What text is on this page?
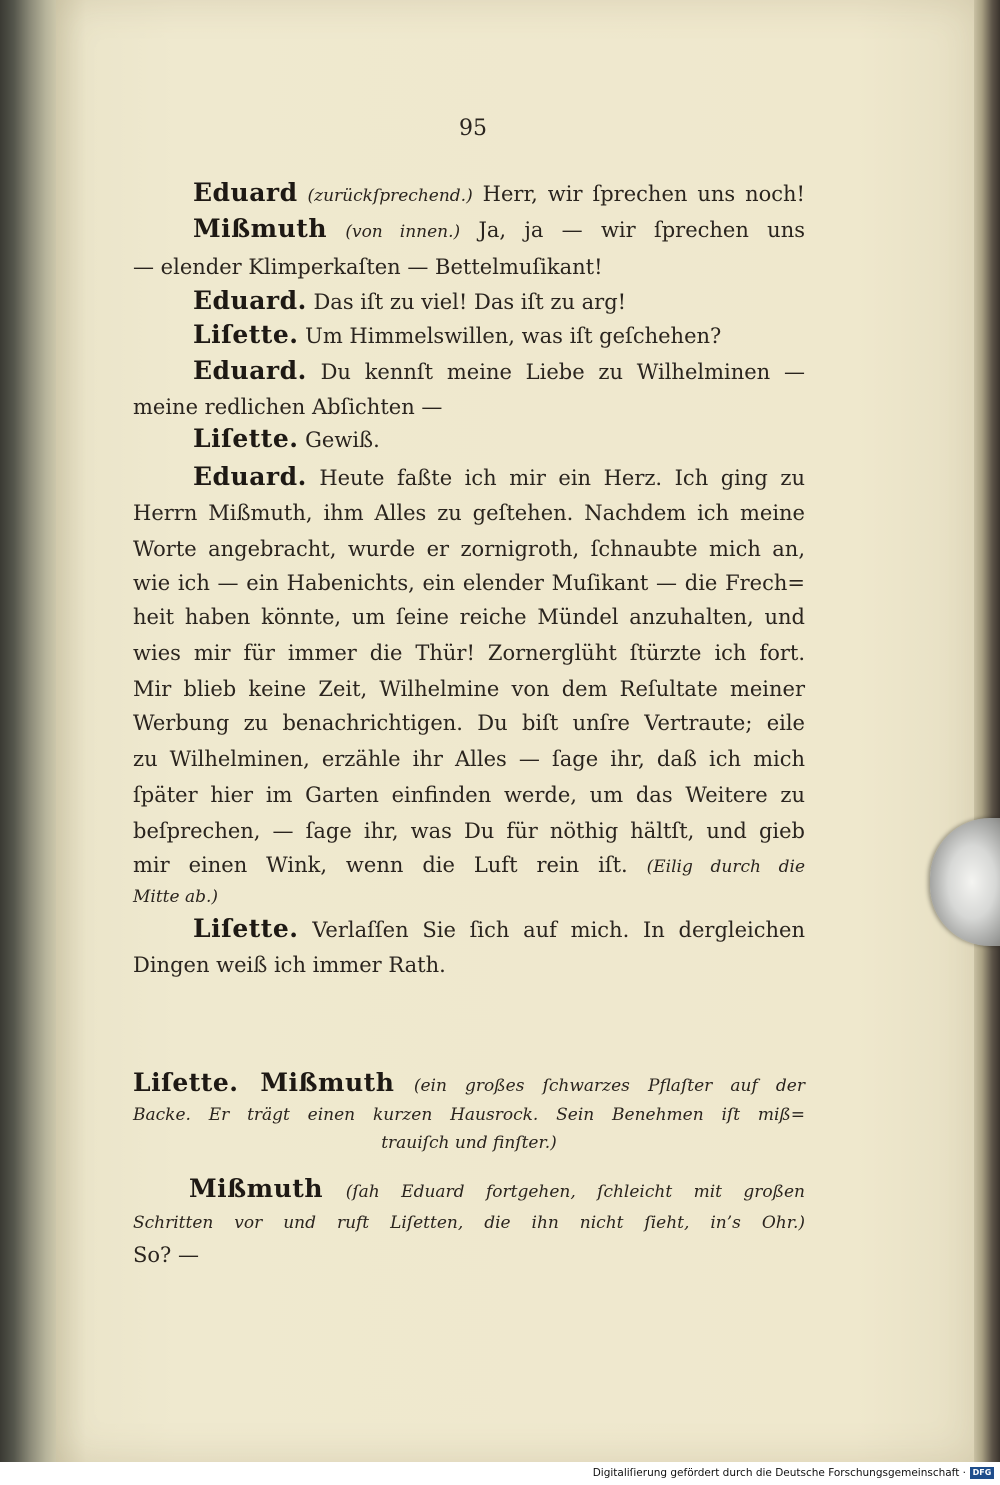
95
Eduard (zurückſprechend.) Herr, wir ſprechen uns noch!
Mißmuth (von innen.) Ja, ja — wir ſprechen uns
— elender Klimperkaſten — Bettelmuſikant!
Eduard. Das iſt zu viel! Das iſt zu arg!
Liſette. Um Himmelswillen, was iſt geſchehen?
Eduard. Du kennſt meine Liebe zu Wilhelminen —
meine redlichen Abſichten —
Liſette. Gewiß.
Eduard. Heute faßte ich mir ein Herz. Ich ging zu
Herrn Mißmuth, ihm Alles zu geſtehen. Nachdem ich meine
Worte angebracht, wurde er zornigroth, ſchnaubte mich an,
wie ich — ein Habenichts, ein elender Muſikant — die Frech=
heit haben könnte, um ſeine reiche Mündel anzuhalten, und
wies mir für immer die Thür! Zornerglüht ſtürzte ich fort.
Mir blieb keine Zeit, Wilhelmine von dem Reſultate meiner
Werbung zu benachrichtigen. Du biſt unſre Vertraute; eile
zu Wilhelminen, erzähle ihr Alles — ſage ihr, daß ich mich
ſpäter hier im Garten einfinden werde, um das Weitere zu
beſprechen, — ſage ihr, was Du für nöthig hältſt, und gieb
mir einen Wink, wenn die Luft rein iſt. (Eilig durch die
Mitte ab.)
Liſette. Verlaſſen Sie ſich auf mich. In dergleichen
Dingen weiß ich immer Rath.
Liſette. Mißmuth (ein großes ſchwarzes Pflaſter auf der
Backe. Er trägt einen kurzen Hausrock. Sein Benehmen iſt miß=
trauiſch und finſter.)
Mißmuth (ſah Eduard fortgehen, ſchleicht mit großen
Schritten vor und ruft Liſetten, die ihn nicht ſieht, in’s Ohr.)
So? —
Digitaliſierung gefördert durch die Deutsche Forschungsgemeinschaft · DFG
